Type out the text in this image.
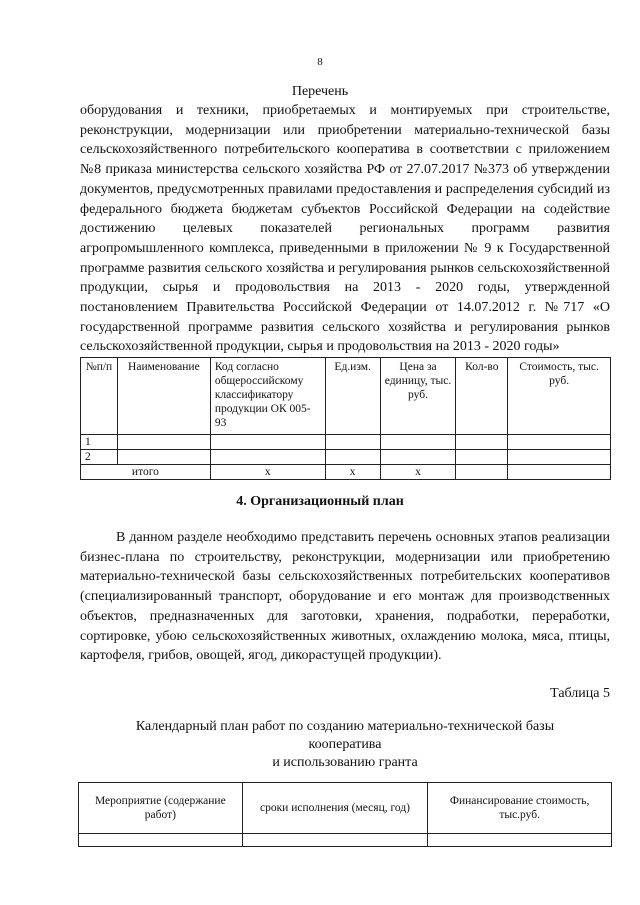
8
Перечень

оборудования и техники, приобретаемых и монтируемых при строительстве, реконструкции, модернизации или приобретении материально-технической базы сельскохозяйственного потребительского кооператива в соответствии с приложением №8 приказа министерства сельского хозяйства РФ от 27.07.2017 №373 об утверждении документов, предусмотренных правилами предоставления и распределения субсидий из федерального бюджета бюджетам субъектов Российской Федерации на содействие достижению целевых показателей региональных программ развития агропромышленного комплекса, приведенными в приложении № 9 к Государственной программе развития сельского хозяйства и регулирования рынков сельскохозяйственной продукции, сырья и продовольствия на 2013 - 2020 годы, утвержденной постановлением Правительства Российской Федерации от 14.07.2012 г. №717 «О государственной программе развития сельского хозяйства и регулирования рынков сельскохозяйственной продукции, сырья и продовольствия на 2013 - 2020 годы»

№п/п	Наименование	Код согласно общероссийскому классификатору продукции ОК 005-93	Ед.изм.	Цена за единицу, тыс. руб.	Кол-во	Стоимость, тыс. руб.
1						
2						
итого		x	x	x		
4. Организационный план

В данном разделе необходимо представить перечень основных этапов реализации бизнес-плана по строительству, реконструкции, модернизации или приобретению материально-технической базы сельскохозяйственных потребительских кооперативов (специализированный транспорт, оборудование и его монтаж для производственных объектов, предназначенных для заготовки, хранения, подработки, переработки, сортировке, убою сельскохозяйственных животных, охлаждению молока, мяса, птицы, картофеля, грибов, овощей, ягод, дикорастущей продукции).

Таблица 5
Календарный план работ по созданию материально-технической базы
кооператива
и использованию гранта
Мероприятие (содержание работ)	сроки исполнения (месяц, год)	Финансирование стоимость, тыс.руб.
